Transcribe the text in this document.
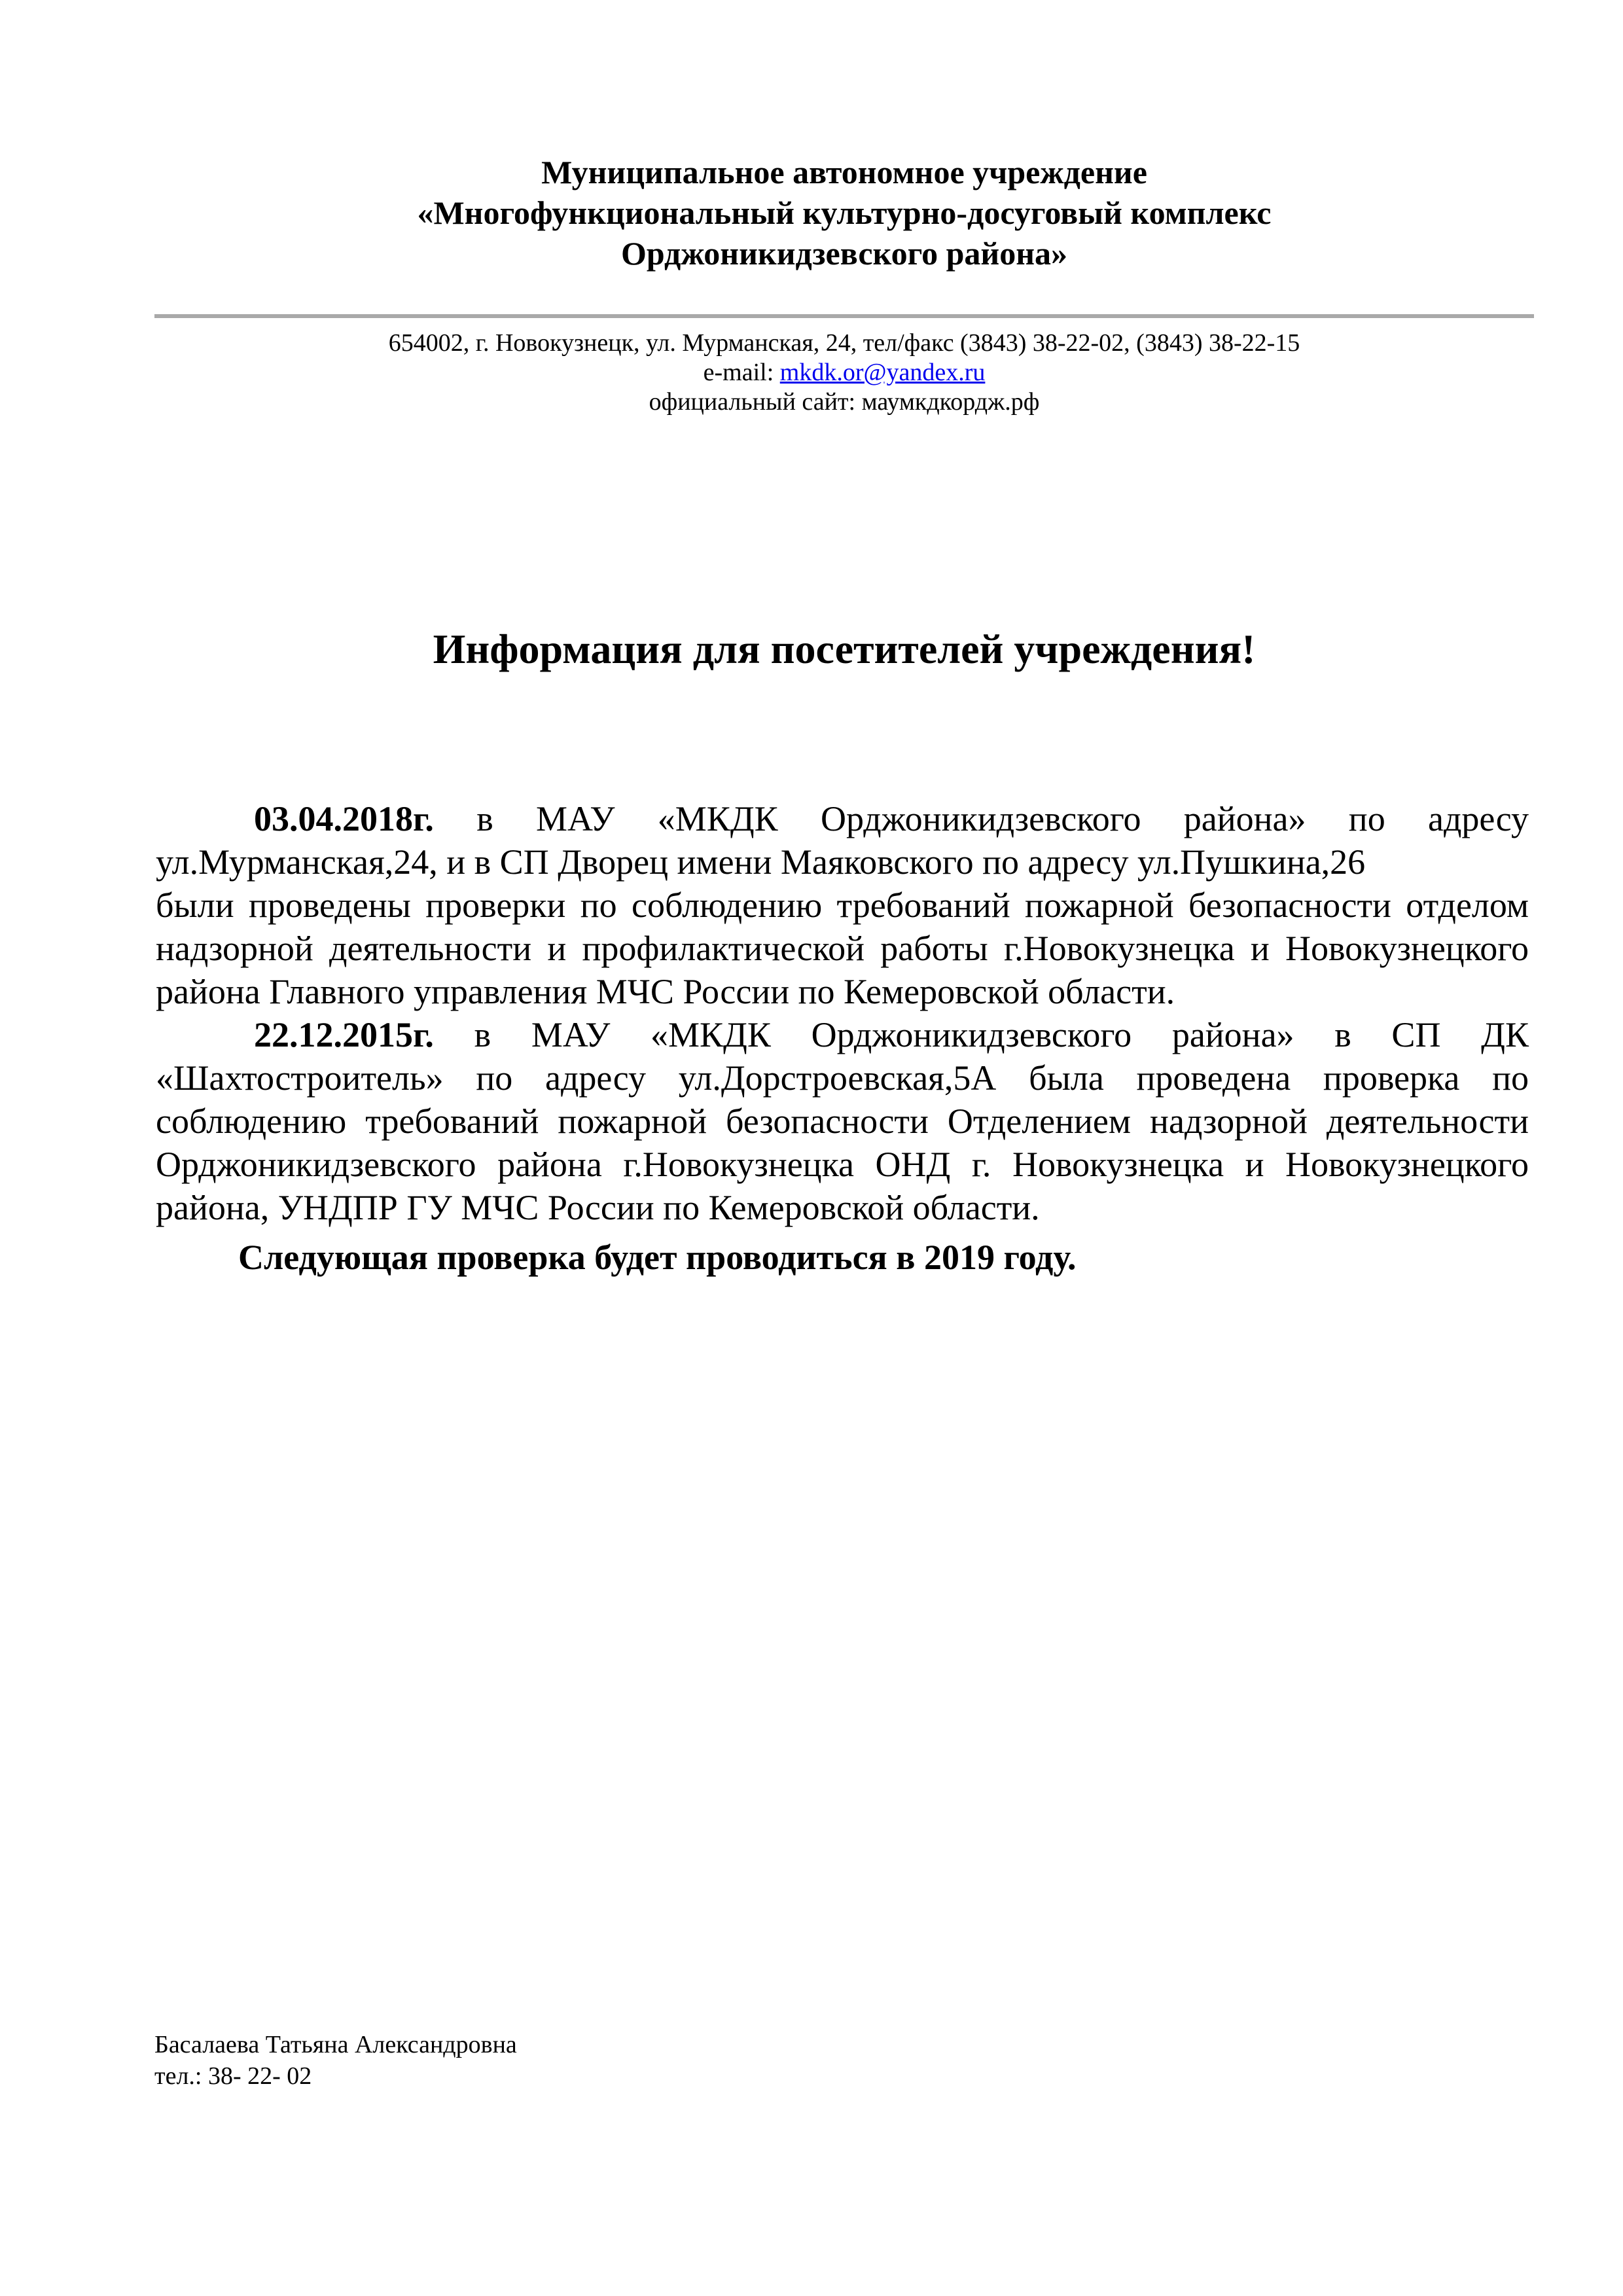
Муниципальное автономное учреждение
«Многофункциональный культурно-досуговый комплекс
Орджоникидзевского района»
654002, г. Новокузнецк, ул. Мурманская, 24, тел/факс (3843) 38-22-02, (3843) 38-22-15
e-mail: mkdk.or@yandex.ru
официальный сайт: маумкдкордж.рф
Информация для посетителей учреждения!

03.04.2018г. в МАУ «МКДК Орджоникидзевского района» по адресу ул.Мурманская,24, и в СП Дворец имени Маяковского по адресу ул.Пушкина,26
были проведены проверки по соблюдению требований пожарной безопасности отделом надзорной деятельности и профилактической работы г.Новокузнецка и Новокузнецкого района Главного управления МЧС России по Кемеровской области.

22.12.2015г. в МАУ «МКДК Орджоникидзевского района» в СП ДК «Шахтостроитель» по адресу ул.Дорстроевская,5А была проведена проверка по соблюдению требований пожарной безопасности Отделением надзорной деятельности Орджоникидзевского района г.Новокузнецка ОНД г. Новокузнецка и Новокузнецкого района, УНДПР ГУ МЧС России по Кемеровской области.

Следующая проверка будет проводиться в 2019 году.

Басалаева Татьяна Александровна
тел.: 38- 22- 02
